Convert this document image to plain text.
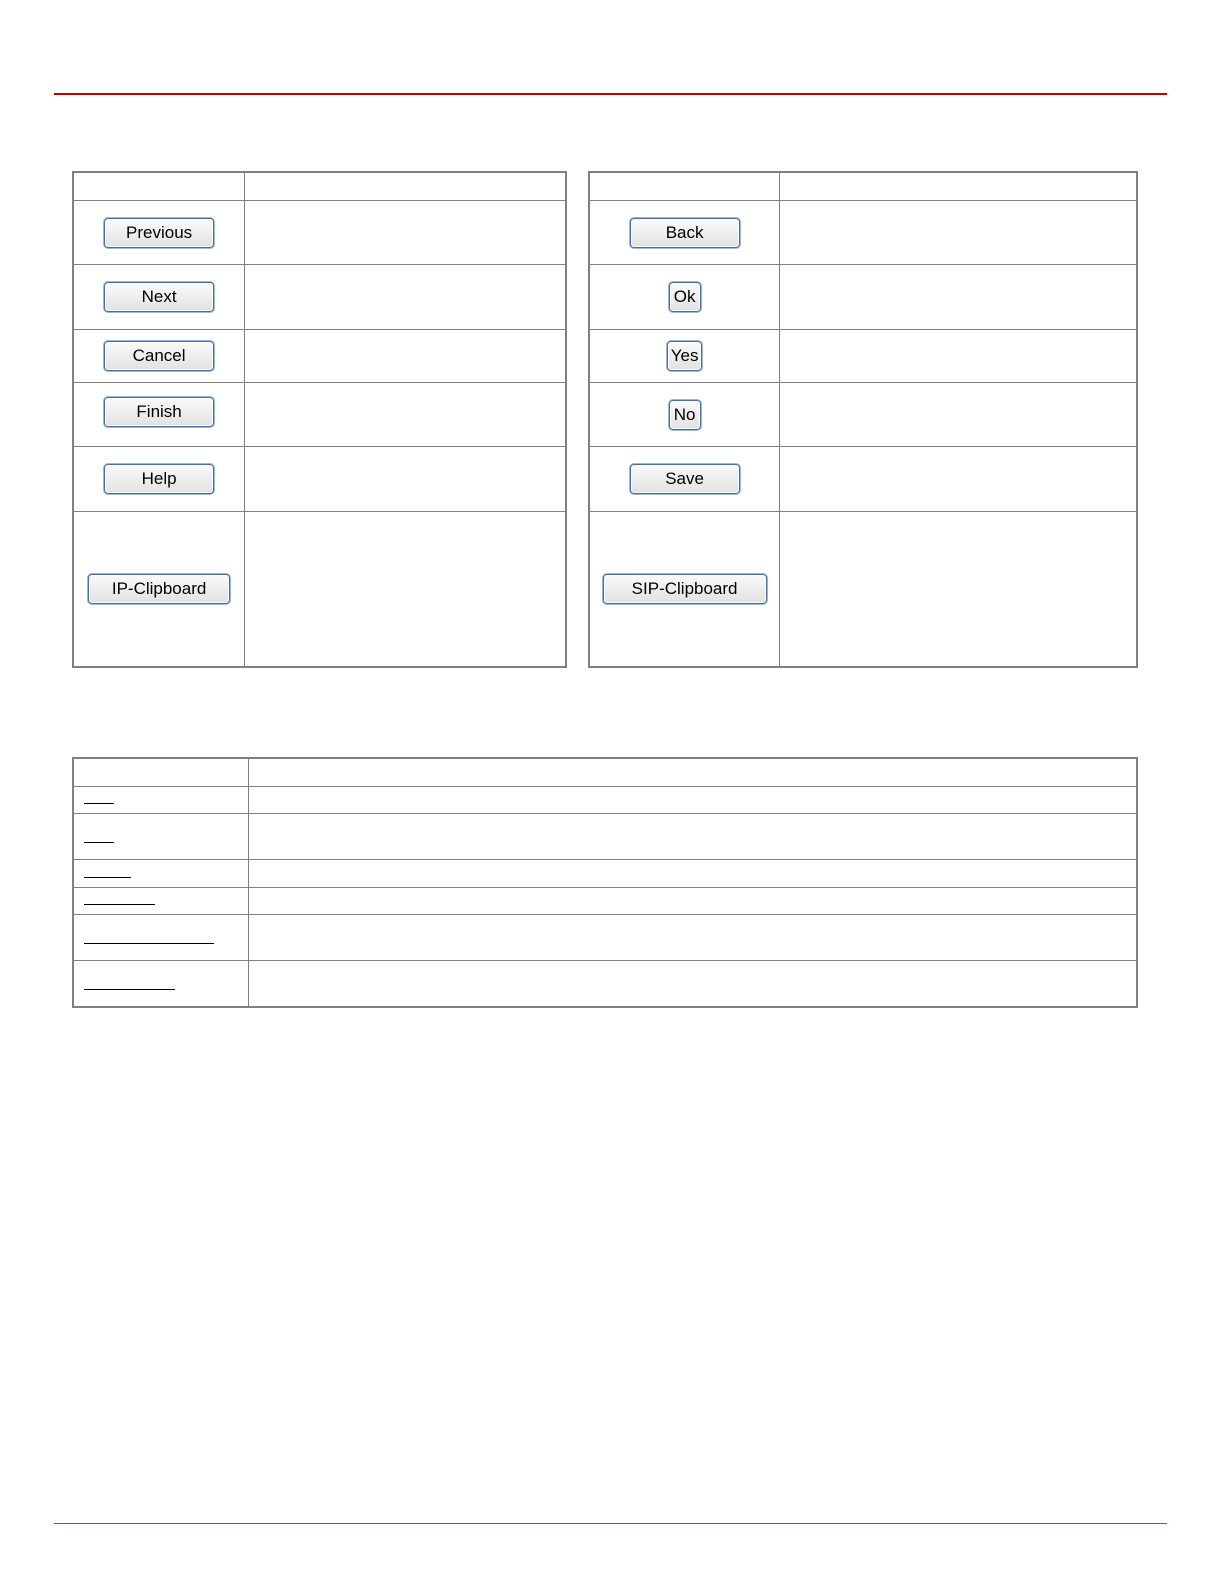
Previous	
Next	
Cancel	
Finish	
Help	
IP-Clipboard	

Back	
Ok	
Yes	
No	
Save	
SIP-Clipboard	
